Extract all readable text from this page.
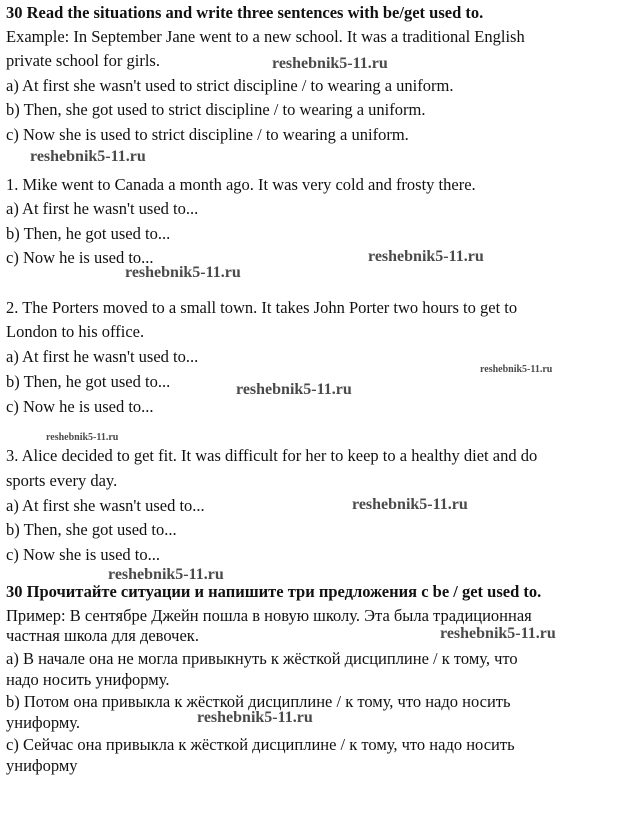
30 Read the situations and write three sentences with be/get used to.
Example: In September Jane went to a new school. It was a traditional English
private school for girls.
a) At first she wasn't used to strict discipline / to wearing a uniform.
b) Then, she got used to strict discipline / to wearing a uniform.
c) Now she is used to strict discipline / to wearing a uniform.
1. Mike went to Canada a month ago. It was very cold and frosty there.
a) At first he wasn't used to...
b) Then, he got used to...
c) Now he is used to...
2. The Porters moved to a small town. It takes John Porter two hours to get to
London to his office.
a) At first he wasn't used to...
b) Then, he got used to...
c) Now he is used to...
3. Alice decided to get fit. It was difficult for her to keep to a healthy diet and do
sports every day.
a) At first she wasn't used to...
b) Then, she got used to...
c) Now she is used to...
30 Прочитайте ситуации и напишите три предложения с be / get used to.
Пример: В сентябре Джейн пошла в новую школу. Эта была традиционная
частная школа для девочек.
а) В начале она не могла привыкнуть к жёсткой дисциплине / к тому, что
надо носить униформу.
b) Потом она привыкла к жёсткой дисциплине / к тому, что надо носить
униформу.
c) Сейчас она привыкла к жёсткой дисциплине / к тому, что надо носить
униформу
reshebnik5-11.ru
reshebnik5-11.ru
reshebnik5-11.ru
reshebnik5-11.ru
reshebnik5-11.ru
reshebnik5-11.ru
reshebnik5-11.ru
reshebnik5-11.ru
reshebnik5-11.ru
reshebnik5-11.ru
reshebnik5-11.ru
